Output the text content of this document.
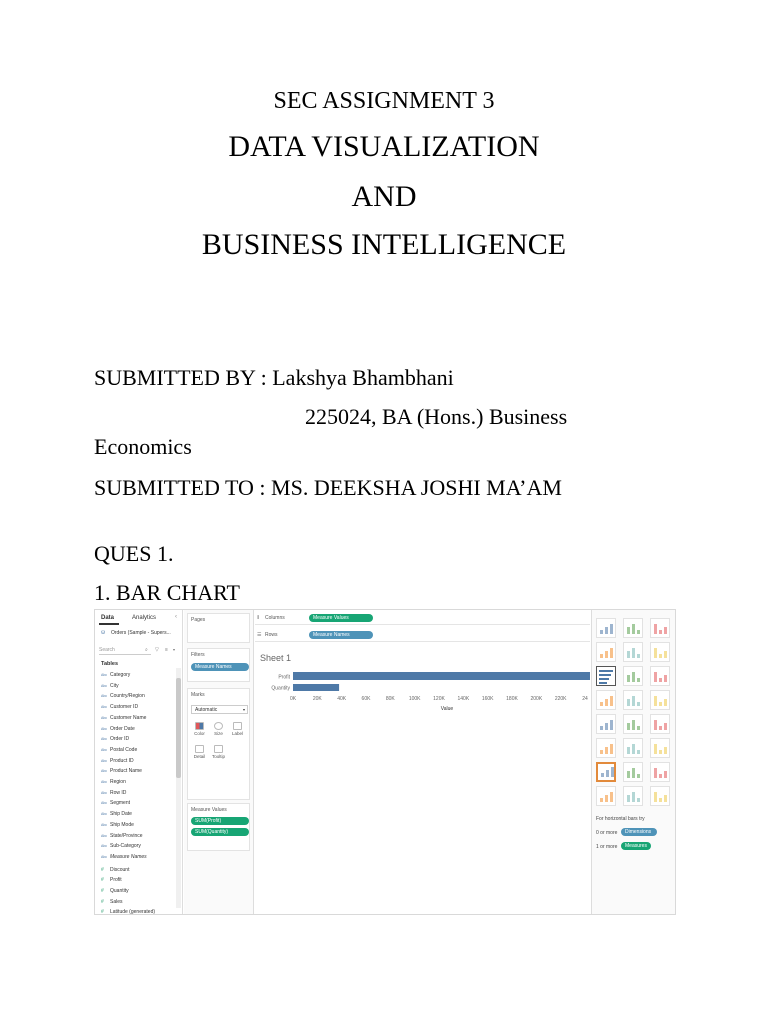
SEC ASSIGNMENT 3
DATA VISUALIZATION
AND
BUSINESS INTELLIGENCE
SUBMITTED BY : Lakshya Bhambhani
225024, BA (Hons.) Business
Economics
SUBMITTED TO : MS. DEEKSHA JOSHI MA’AM
QUES 1.
1. BAR CHART
Data	Analytics	‹
⛁ Orders (Sample - Supers...
Search	⌕ ▽ ≡ ▾
Tables
Abc Category
Abc City
Abc Country/Region
Abc Customer ID
Abc Customer Name
Abc Order Date
Abc Order ID
Abc Postal Code
Abc Product ID
Abc Product Name
Abc Region
Abc Row ID
Abc Segment
Abc Ship Date
Abc Ship Mode
Abc State/Province
Abc Sub-Category
Abc Measure Names
# Discount
# Profit
# Quantity
# Sales
# Latitude (generated)
Pages
Filters
Measure Names
Marks
Automatic	▾
Color	Size	Label
Detail	Tooltip
Measure Values
SUM(Profit)
SUM(Quantity)
⦀ Columns	Measure Values
☰ Rows	Measure Names
Sheet 1
Profit
Quantity
0K	20K	40K	60K	80K	100K	120K	140K	160K	180K	200K	220K	24
Value
For horizontal bars try
0 or more	Dimensions
1 or more	Measures
